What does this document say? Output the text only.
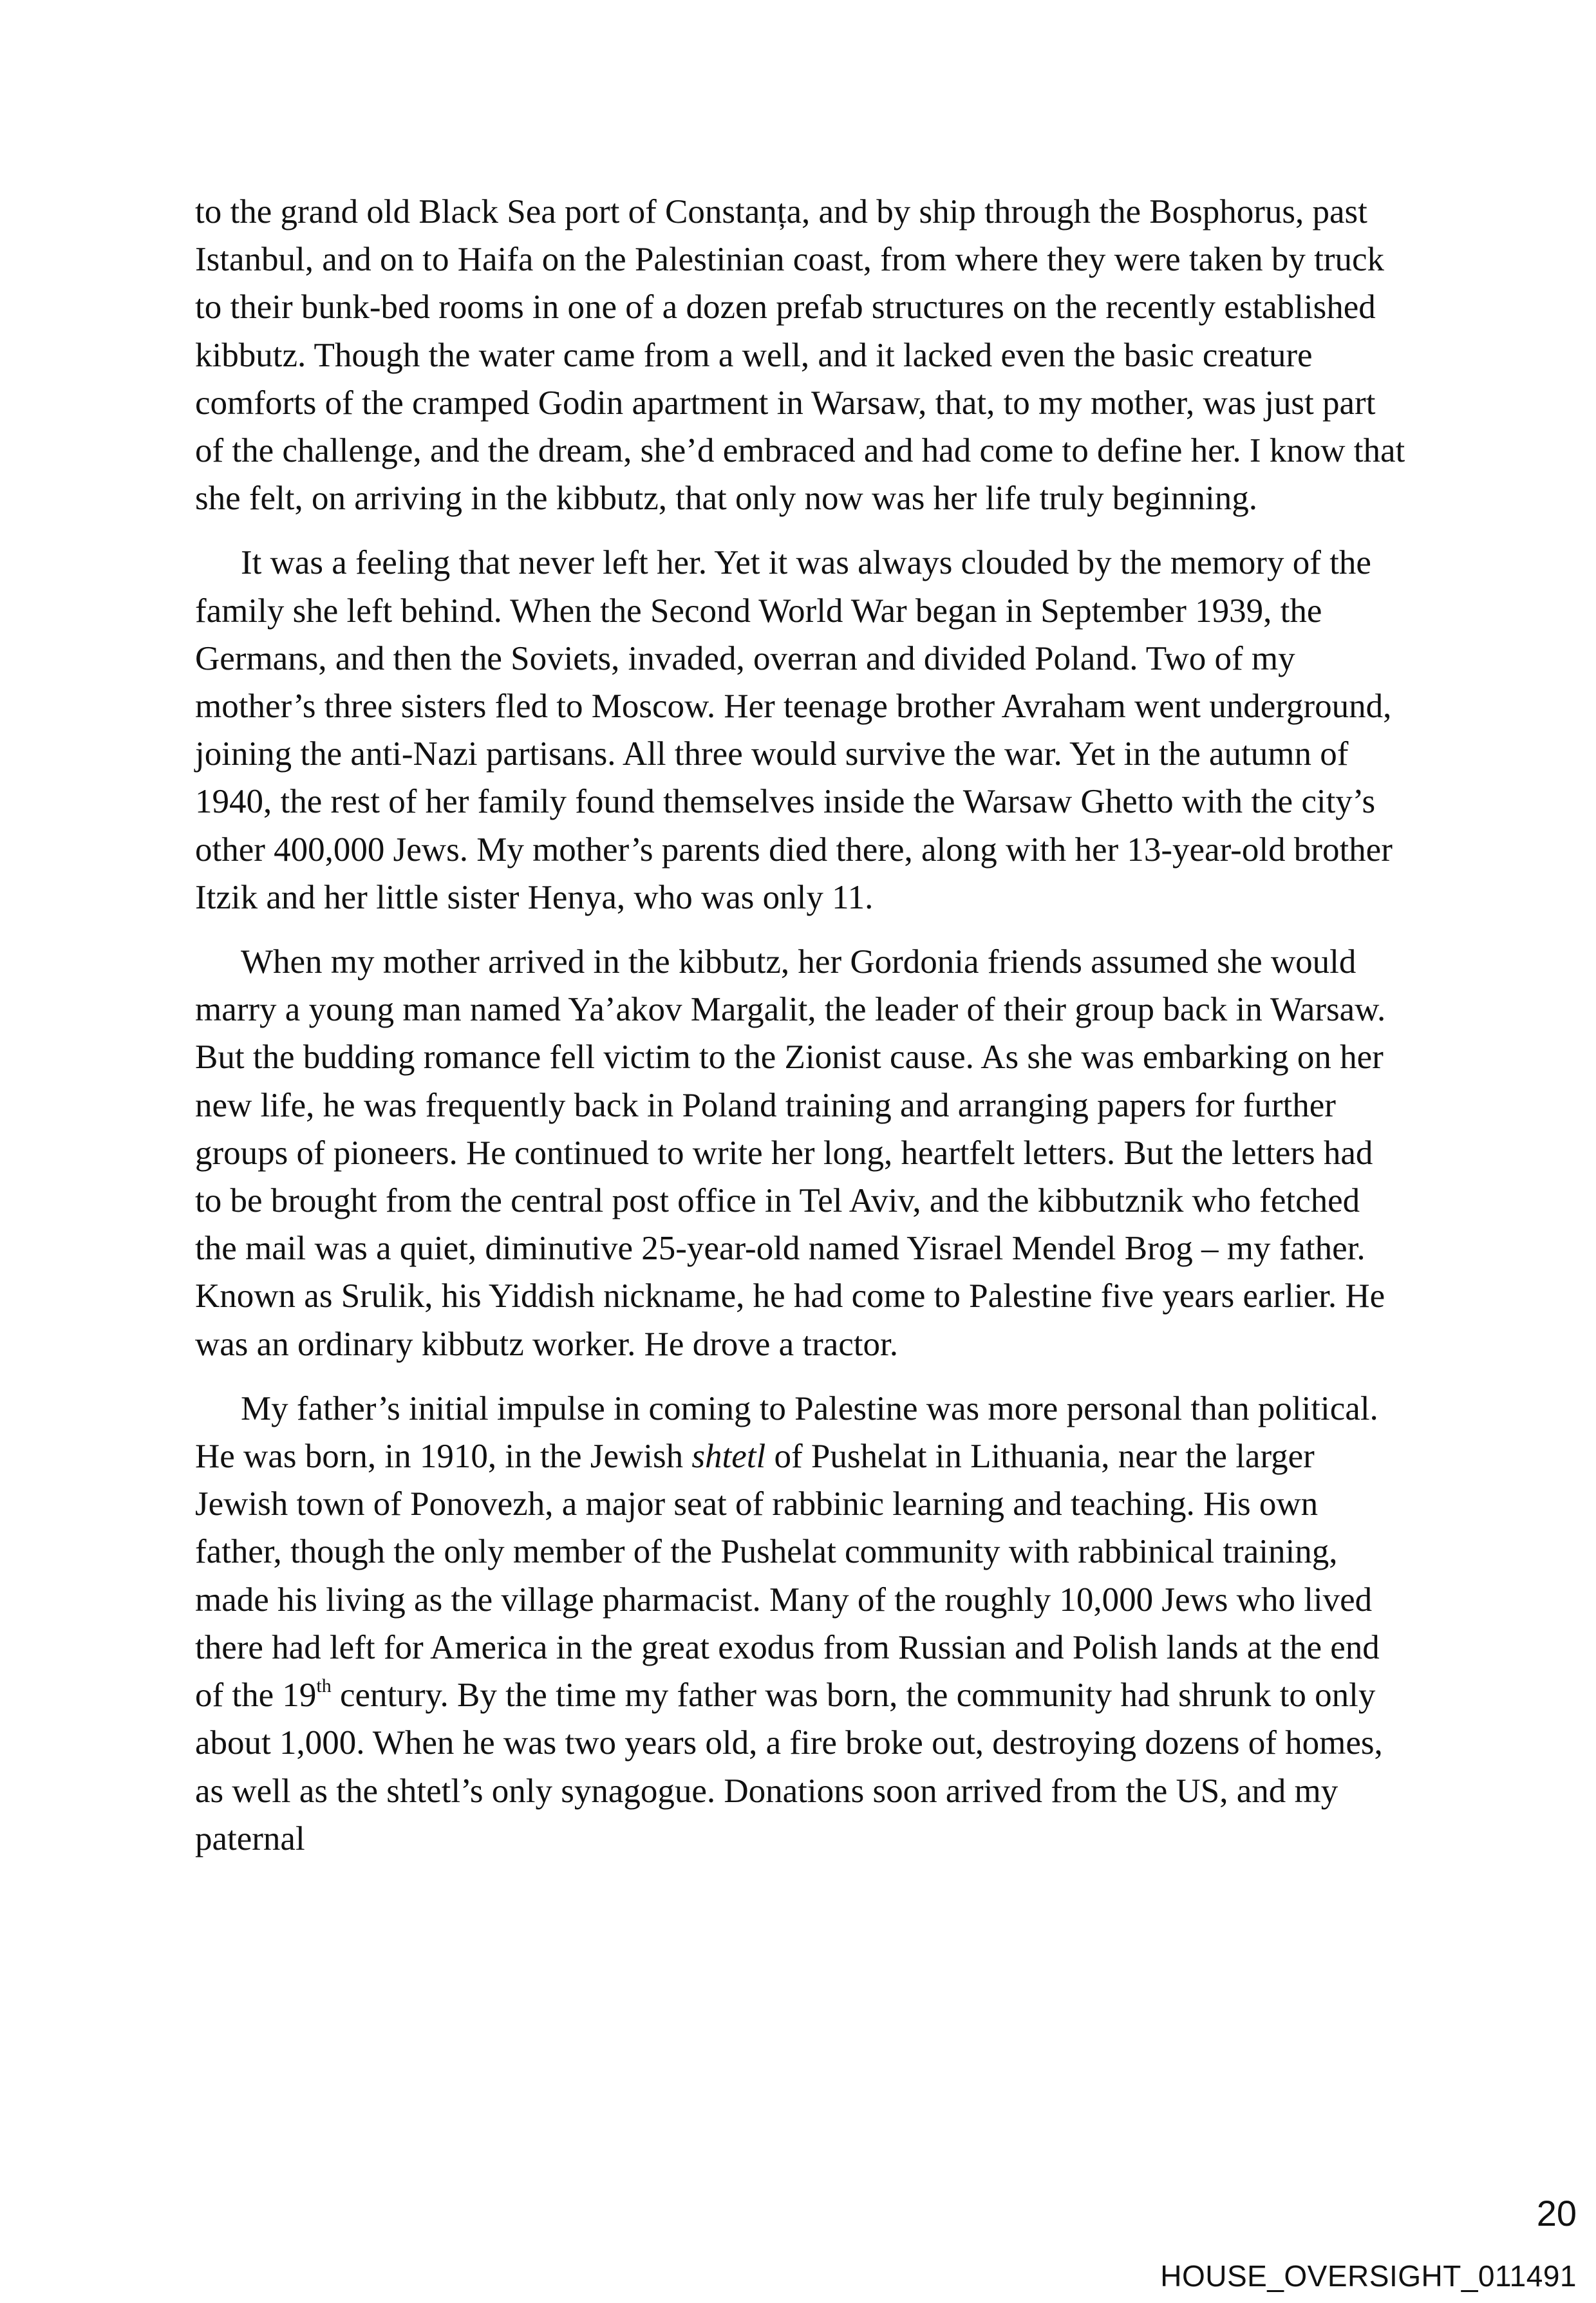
to the grand old Black Sea port of Constanța, and by ship through the Bosphorus, past Istanbul, and on to Haifa on the Palestinian coast, from where they were taken by truck to their bunk-bed rooms in one of a dozen prefab structures on the recently established kibbutz. Though the water came from a well, and it lacked even the basic creature comforts of the cramped Godin apartment in Warsaw, that, to my mother, was just part of the challenge, and the dream, she’d embraced and had come to define her. I know that she felt, on arriving in the kibbutz, that only now was her life truly beginning.

It was a feeling that never left her. Yet it was always clouded by the memory of the family she left behind. When the Second World War began in September 1939, the Germans, and then the Soviets, invaded, overran and divided Poland. Two of my mother’s three sisters fled to Moscow. Her teenage brother Avraham went underground, joining the anti-Nazi partisans. All three would survive the war. Yet in the autumn of 1940, the rest of her family found themselves inside the Warsaw Ghetto with the city’s other 400,000 Jews. My mother’s parents died there, along with her 13-year-old brother Itzik and her little sister Henya, who was only 11.

When my mother arrived in the kibbutz, her Gordonia friends assumed she would marry a young man named Ya’akov Margalit, the leader of their group back in Warsaw. But the budding romance fell victim to the Zionist cause. As she was embarking on her new life, he was frequently back in Poland training and arranging papers for further groups of pioneers. He continued to write her long, heartfelt letters. But the letters had to be brought from the central post office in Tel Aviv, and the kibbutznik who fetched the mail was a quiet, diminutive 25-year-old named Yisrael Mendel Brog – my father. Known as Srulik, his Yiddish nickname, he had come to Palestine five years earlier. He was an ordinary kibbutz worker. He drove a tractor.

My father’s initial impulse in coming to Palestine was more personal than political. He was born, in 1910, in the Jewish shtetl of Pushelat in Lithuania, near the larger Jewish town of Ponovezh, a major seat of rabbinic learning and teaching. His own father, though the only member of the Pushelat community with rabbinical training, made his living as the village pharmacist. Many of the roughly 10,000 Jews who lived there had left for America in the great exodus from Russian and Polish lands at the end of the 19th century. By the time my father was born, the community had shrunk to only about 1,000. When he was two years old, a fire broke out, destroying dozens of homes, as well as the shtetl’s only synagogue. Donations soon arrived from the US, and my paternal

20
HOUSE_OVERSIGHT_011491
